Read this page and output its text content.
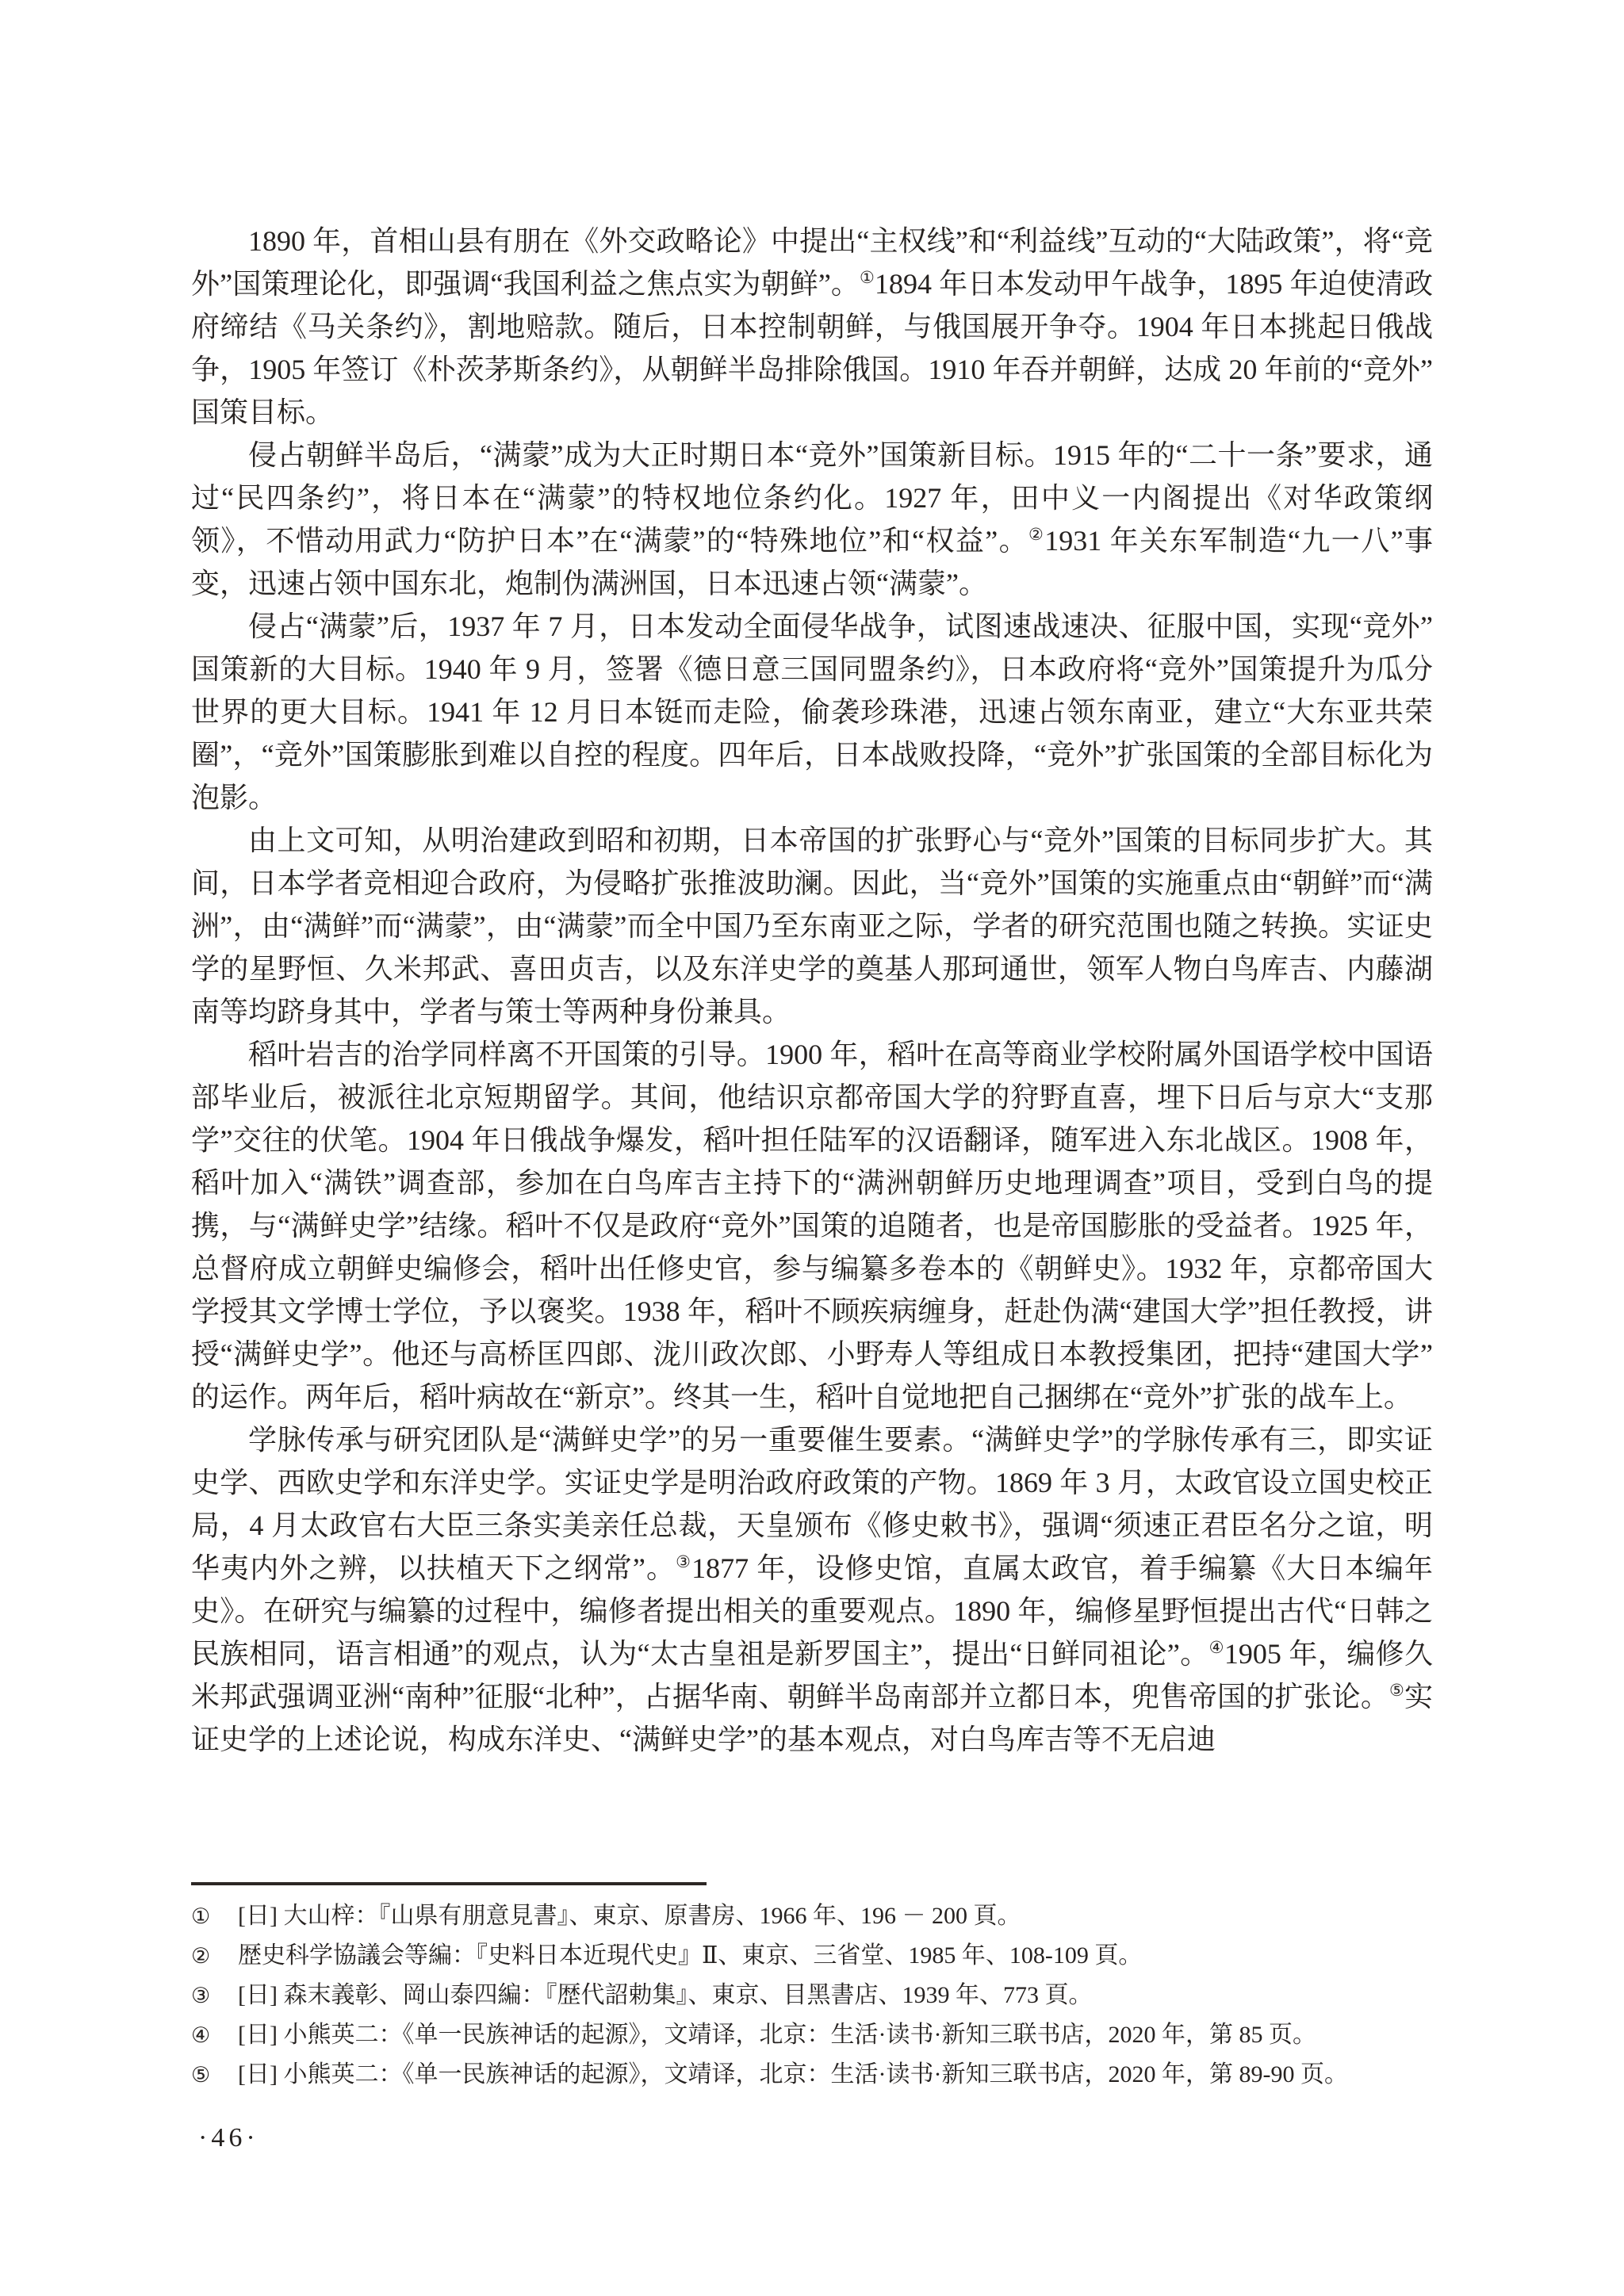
1890 年，首相山县有朋在《外交政略论》中提出“主权线”和“利益线”互动的“大陆政策”，将“竞外”国策理论化，即强调“我国利益之焦点实为朝鲜”。①1894 年日本发动甲午战争，1895 年迫使清政府缔结《马关条约》，割地赔款。随后，日本控制朝鲜，与俄国展开争夺。1904 年日本挑起日俄战争，1905 年签订《朴茨茅斯条约》，从朝鲜半岛排除俄国。1910 年吞并朝鲜，达成 20 年前的“竞外”国策目标。

侵占朝鲜半岛后，“满蒙”成为大正时期日本“竞外”国策新目标。1915 年的“二十一条”要求，通过“民四条约”，将日本在“满蒙”的特权地位条约化。1927 年，田中义一内阁提出《对华政策纲领》，不惜动用武力“防护日本”在“满蒙”的“特殊地位”和“权益”。②1931 年关东军制造“九一八”事变，迅速占领中国东北，炮制伪满洲国，日本迅速占领“满蒙”。

侵占“满蒙”后，1937 年 7 月，日本发动全面侵华战争，试图速战速决、征服中国，实现“竞外”国策新的大目标。1940 年 9 月，签署《德日意三国同盟条约》，日本政府将“竞外”国策提升为瓜分世界的更大目标。1941 年 12 月日本铤而走险，偷袭珍珠港，迅速占领东南亚，建立“大东亚共荣圈”，“竞外”国策膨胀到难以自控的程度。四年后，日本战败投降，“竞外”扩张国策的全部目标化为泡影。

由上文可知，从明治建政到昭和初期，日本帝国的扩张野心与“竞外”国策的目标同步扩大。其间，日本学者竞相迎合政府，为侵略扩张推波助澜。因此，当“竞外”国策的实施重点由“朝鲜”而“满洲”，由“满鲜”而“满蒙”，由“满蒙”而全中国乃至东南亚之际，学者的研究范围也随之转换。实证史学的星野恒、久米邦武、喜田贞吉，以及东洋史学的奠基人那珂通世，领军人物白鸟库吉、内藤湖南等均跻身其中，学者与策士等两种身份兼具。

稻叶岩吉的治学同样离不开国策的引导。1900 年，稻叶在高等商业学校附属外国语学校中国语部毕业后，被派往北京短期留学。其间，他结识京都帝国大学的狩野直喜，埋下日后与京大“支那学”交往的伏笔。1904 年日俄战争爆发，稻叶担任陆军的汉语翻译，随军进入东北战区。1908 年，稻叶加入“满铁”调查部，参加在白鸟库吉主持下的“满洲朝鲜历史地理调查”项目，受到白鸟的提携，与“满鲜史学”结缘。稻叶不仅是政府“竞外”国策的追随者，也是帝国膨胀的受益者。1925 年，总督府成立朝鲜史编修会，稻叶出任修史官，参与编纂多卷本的《朝鲜史》。1932 年，京都帝国大学授其文学博士学位，予以褒奖。1938 年，稻叶不顾疾病缠身，赶赴伪满“建国大学”担任教授，讲授“满鲜史学”。他还与高桥匡四郎、泷川政次郎、小野寿人等组成日本教授集团，把持“建国大学”的运作。两年后，稻叶病故在“新京”。终其一生，稻叶自觉地把自己捆绑在“竞外”扩张的战车上。

学脉传承与研究团队是“满鲜史学”的另一重要催生要素。“满鲜史学”的学脉传承有三，即实证史学、西欧史学和东洋史学。实证史学是明治政府政策的产物。1869 年 3 月，太政官设立国史校正局，4 月太政官右大臣三条实美亲任总裁，天皇颁布《修史敕书》，强调“须速正君臣名分之谊，明华夷内外之辨，以扶植天下之纲常”。③1877 年，设修史馆，直属太政官，着手编纂《大日本编年史》。在研究与编纂的过程中，编修者提出相关的重要观点。1890 年，编修星野恒提出古代“日韩之民族相同，语言相通”的观点，认为“太古皇祖是新罗国主”，提出“日鲜同祖论”。④1905 年，编修久米邦武强调亚洲“南种”征服“北种”，占据华南、朝鲜半岛南部并立都日本，兜售帝国的扩张论。⑤实证史学的上述论说，构成东洋史、“满鲜史学”的基本观点，对白鸟库吉等不无启迪

①	[日] 大山梓：『山県有朋意見書』、東京、原書房、1966 年、196 － 200 頁。
②	歴史科学協議会等編：『史料日本近現代史』Ⅱ、東京、三省堂、1985 年、108-109 頁。
③	[日] 森末義彰、岡山泰四編：『歴代詔勅集』、東京、目黑書店、1939 年、773 頁。
④	[日] 小熊英二：《单一民族神话的起源》，文靖译，北京：生活·读书·新知三联书店，2020 年，第 85 页。
⑤	[日] 小熊英二：《单一民族神话的起源》，文靖译，北京：生活·读书·新知三联书店，2020 年，第 89-90 页。
·46·
